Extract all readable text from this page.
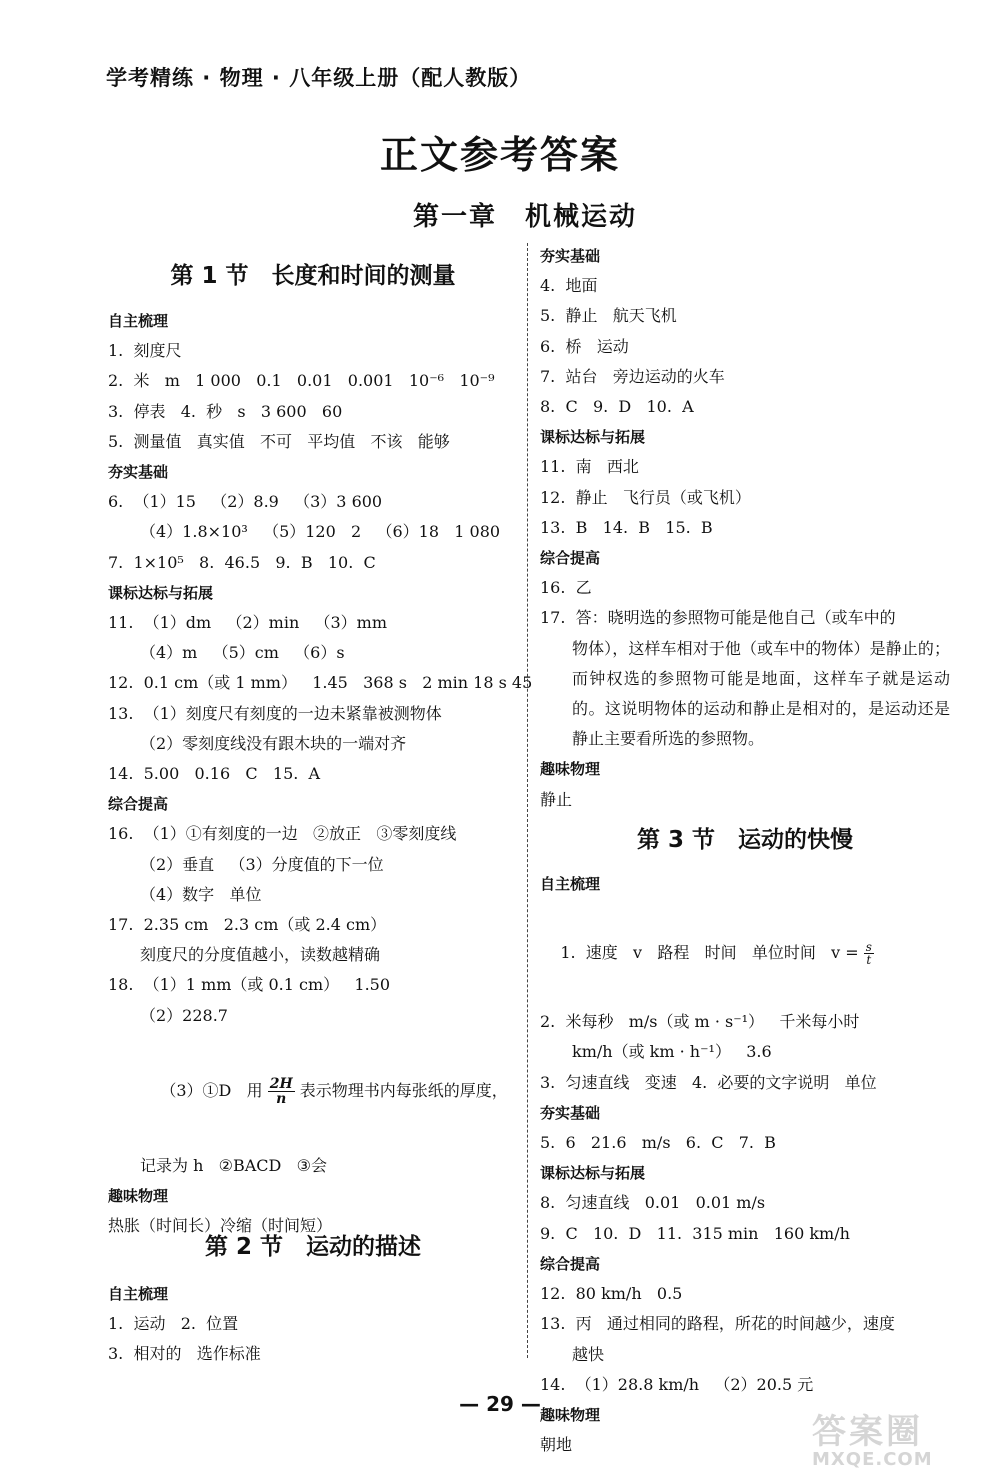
学考精练 · 物理 · 八年级上册（配人教版）
正文参考答案
第一章　机械运动
第 1 节　长度和时间的测量
自主梳理
1.  刻度尺
2.  米   m   1 000   0.1   0.01   0.001   10⁻⁶   10⁻⁹
3.  停表   4.  秒   s   3 600   60
5.  测量值   真实值   不可   平均值   不该   能够
夯实基础
6.  （1）15   （2）8.9   （3）3 600
（4）1.8×10³   （5）120   2   （6）18   1 080
7.  1×10⁵   8.  46.5   9.  B   10.  C
课标达标与拓展
11.  （1）dm   （2）min   （3）mm
（4）m   （5）cm   （6）s
12.  0.1 cm（或 1 mm）   1.45   368 s   2 min 18 s 45
13.  （1）刻度尺有刻度的一边未紧靠被测物体
（2）零刻度线没有跟木块的一端对齐
14.  5.00   0.16   C   15.  A
综合提高
16.  （1）①有刻度的一边   ②放正   ③零刻度线
（2）垂直   （3）分度值的下一位
（4）数字   单位
17.  2.35 cm   2.3 cm（或 2.4 cm）
刻度尺的分度值越小，读数越精确
18.  （1）1 mm（或 0.1 cm）   1.50
（2）228.7

（3）①D   用 $\frac{2H}{n}$ 表示物理书内每张纸的厚度，

记录为 h   ②BACD   ③会
趣味物理
热胀（时间长）冷缩（时间短）
第 2 节　运动的描述
自主梳理
1.  运动   2.  位置
3.  相对的   选作标准
夯实基础
4.  地面
5.  静止   航天飞机
6.  桥   运动
7.  站台   旁边运动的火车
8.  C   9.  D   10.  A
课标达标与拓展
11.  南   西北
12.  静止   飞行员（或飞机）
13.  B   14.  B   15.  B
综合提高
16.  乙
17.  答：晓明选的参照物可能是他自己（或车中的
物体），这样车相对于他（或车中的物体）是静止的；而钟权选的参照物可能是地面，这样车子就是运动的。这说明物体的运动和静止是相对的，是运动还是静止主要看所选的参照物。
趣味物理
静止
第 3 节　运动的快慢
自主梳理

1.  速度   v   路程   时间   单位时间   $v = \frac{s}{t}$

2.  米每秒   m/s（或 m · s⁻¹）   千米每小时
km/h（或 km · h⁻¹）   3.6
3.  匀速直线   变速   4.  必要的文字说明   单位
夯实基础
5.  6   21.6   m/s   6.  C   7.  B
课标达标与拓展
8.  匀速直线   0.01   0.01 m/s
9.  C   10.  D   11.  315 min   160 km/h
综合提高
12.  80 km/h   0.5
13.  丙   通过相同的路程，所花的时间越少，速度
越快
14.  （1）28.8 km/h   （2）20.5 元
趣味物理
朝地
— 29 —
答案圈
MXQE.COM
